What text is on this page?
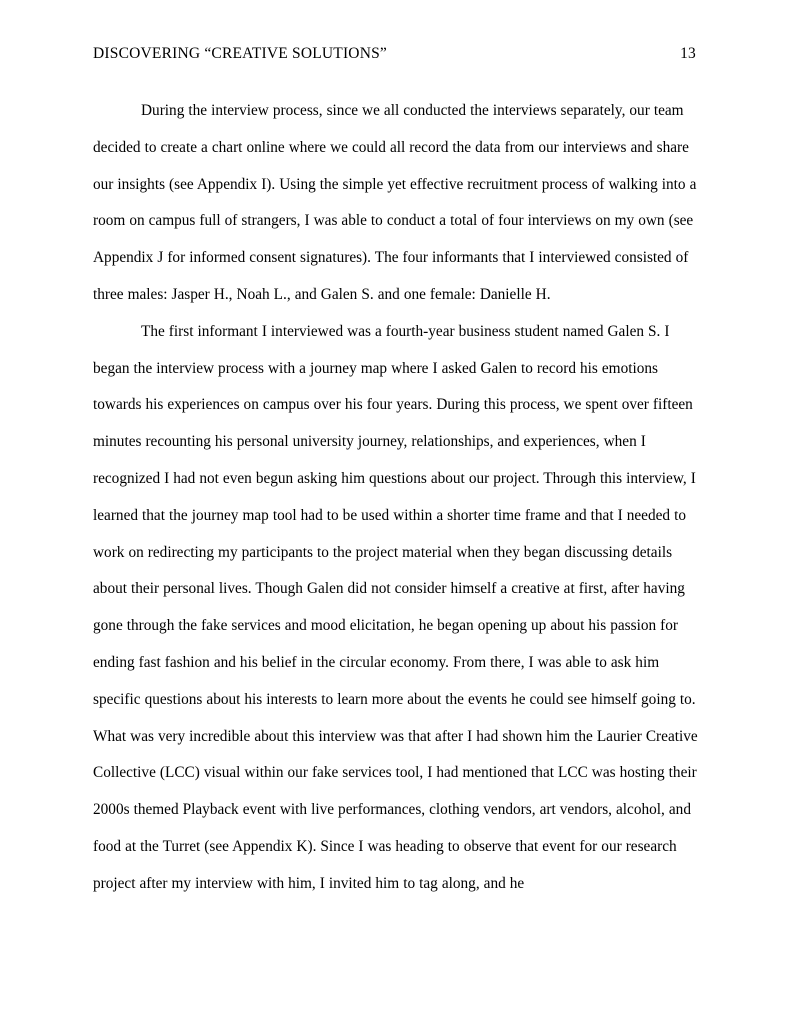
DISCOVERING “CREATIVE SOLUTIONS”	13

During the interview process, since we all conducted the interviews separately, our team decided to create a chart online where we could all record the data from our interviews and share our insights (see Appendix I). Using the simple yet effective recruitment process of walking into a room on campus full of strangers, I was able to conduct a total of four interviews on my own (see Appendix J for informed consent signatures). The four informants that I interviewed consisted of three males: Jasper H., Noah L., and Galen S. and one female: Danielle H.

The first informant I interviewed was a fourth-year business student named Galen S. I began the interview process with a journey map where I asked Galen to record his emotions towards his experiences on campus over his four years. During this process, we spent over fifteen minutes recounting his personal university journey, relationships, and experiences, when I recognized I had not even begun asking him questions about our project. Through this interview, I learned that the journey map tool had to be used within a shorter time frame and that I needed to work on redirecting my participants to the project material when they began discussing details about their personal lives. Though Galen did not consider himself a creative at first, after having gone through the fake services and mood elicitation, he began opening up about his passion for ending fast fashion and his belief in the circular economy. From there, I was able to ask him specific questions about his interests to learn more about the events he could see himself going to. What was very incredible about this interview was that after I had shown him the Laurier Creative Collective (LCC) visual within our fake services tool, I had mentioned that LCC was hosting their 2000s themed Playback event with live performances, clothing vendors, art vendors, alcohol, and food at the Turret (see Appendix K). Since I was heading to observe that event for our research project after my interview with him, I invited him to tag along, and he
